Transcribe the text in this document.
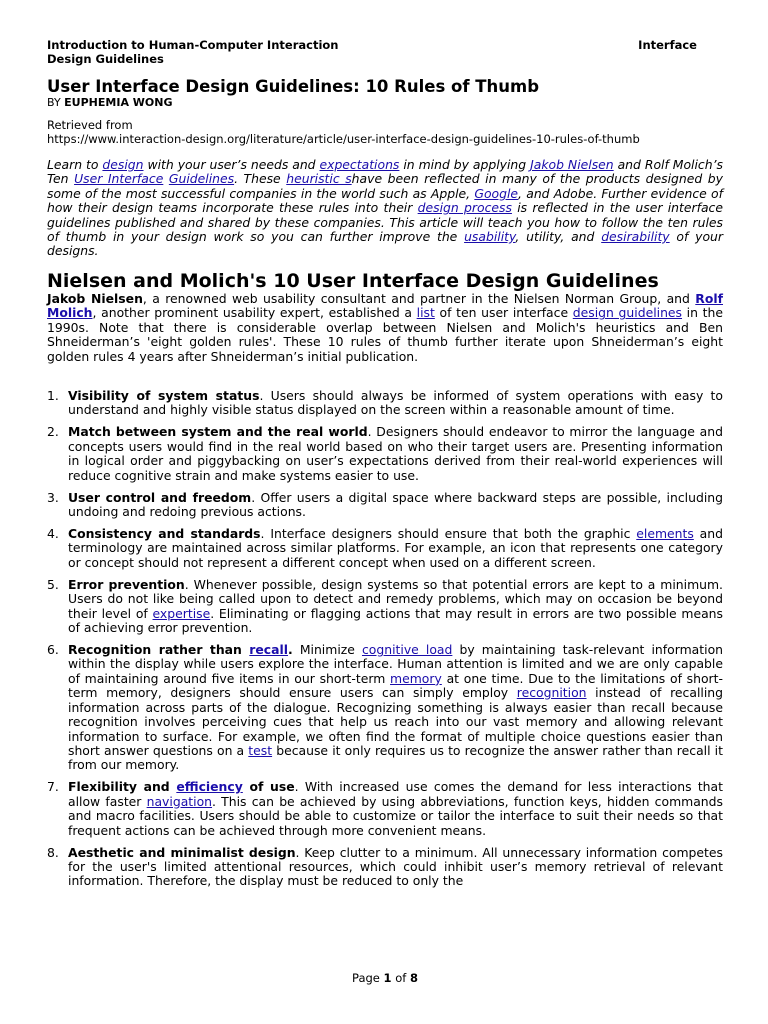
Introduction to Human-Computer Interaction	Interface

Design Guidelines
User Interface Design Guidelines: 10 Rules of Thumb
BY EUPHEMIA WONG
Retrieved from
https://www.interaction-design.org/literature/article/user-interface-design-guidelines-10-rules-of-thumb
Learn to design with your user’s needs and expectations in mind by applying Jakob Nielsen and Rolf Molich’s Ten User Interface Guidelines. These heuristic shave been reflected in many of the products designed by some of the most successful companies in the world such as Apple, Google, and Adobe. Further evidence of how their design teams incorporate these rules into their design process is reflected in the user interface guidelines published and shared by these companies. This article will teach you how to follow the ten rules of thumb in your design work so you can further improve the usability, utility, and desirability of your designs.
Nielsen and Molich's 10 User Interface Design Guidelines
Jakob Nielsen, a renowned web usability consultant and partner in the Nielsen Norman Group, and Rolf Molich, another prominent usability expert, established a list of ten user interface design guidelines in the 1990s. Note that there is considerable overlap between Nielsen and Molich's heuristics and Ben Shneiderman’s 'eight golden rules'. These 10 rules of thumb further iterate upon Shneiderman’s eight golden rules 4 years after Shneiderman’s initial publication.
1. Visibility of system status. Users should always be informed of system operations with easy to understand and highly visible status displayed on the screen within a reasonable amount of time.
2. Match between system and the real world. Designers should endeavor to mirror the language and concepts users would find in the real world based on who their target users are. Presenting information in logical order and piggybacking on user’s expectations derived from their real-world experiences will reduce cognitive strain and make systems easier to use.
3. User control and freedom. Offer users a digital space where backward steps are possible, including undoing and redoing previous actions.
4. Consistency and standards. Interface designers should ensure that both the graphic elements and terminology are maintained across similar platforms. For example, an icon that represents one category or concept should not represent a different concept when used on a different screen.
5. Error prevention. Whenever possible, design systems so that potential errors are kept to a minimum. Users do not like being called upon to detect and remedy problems, which may on occasion be beyond their level of expertise. Eliminating or flagging actions that may result in errors are two possible means of achieving error prevention.
6. Recognition rather than recall. Minimize cognitive load by maintaining task-relevant information within the display while users explore the interface. Human attention is limited and we are only capable of maintaining around five items in our short-term memory at one time. Due to the limitations of short-term memory, designers should ensure users can simply employ recognition instead of recalling information across parts of the dialogue. Recognizing something is always easier than recall because recognition involves perceiving cues that help us reach into our vast memory and allowing relevant information to surface. For example, we often find the format of multiple choice questions easier than short answer questions on a test because it only requires us to recognize the answer rather than recall it from our memory.
7. Flexibility and efficiency of use. With increased use comes the demand for less interactions that allow faster navigation. This can be achieved by using abbreviations, function keys, hidden commands and macro facilities. Users should be able to customize or tailor the interface to suit their needs so that frequent actions can be achieved through more convenient means.
8. Aesthetic and minimalist design. Keep clutter to a minimum. All unnecessary information competes for the user's limited attentional resources, which could inhibit user’s memory retrieval of relevant information. Therefore, the display must be reduced to only the
Page 1 of 8
